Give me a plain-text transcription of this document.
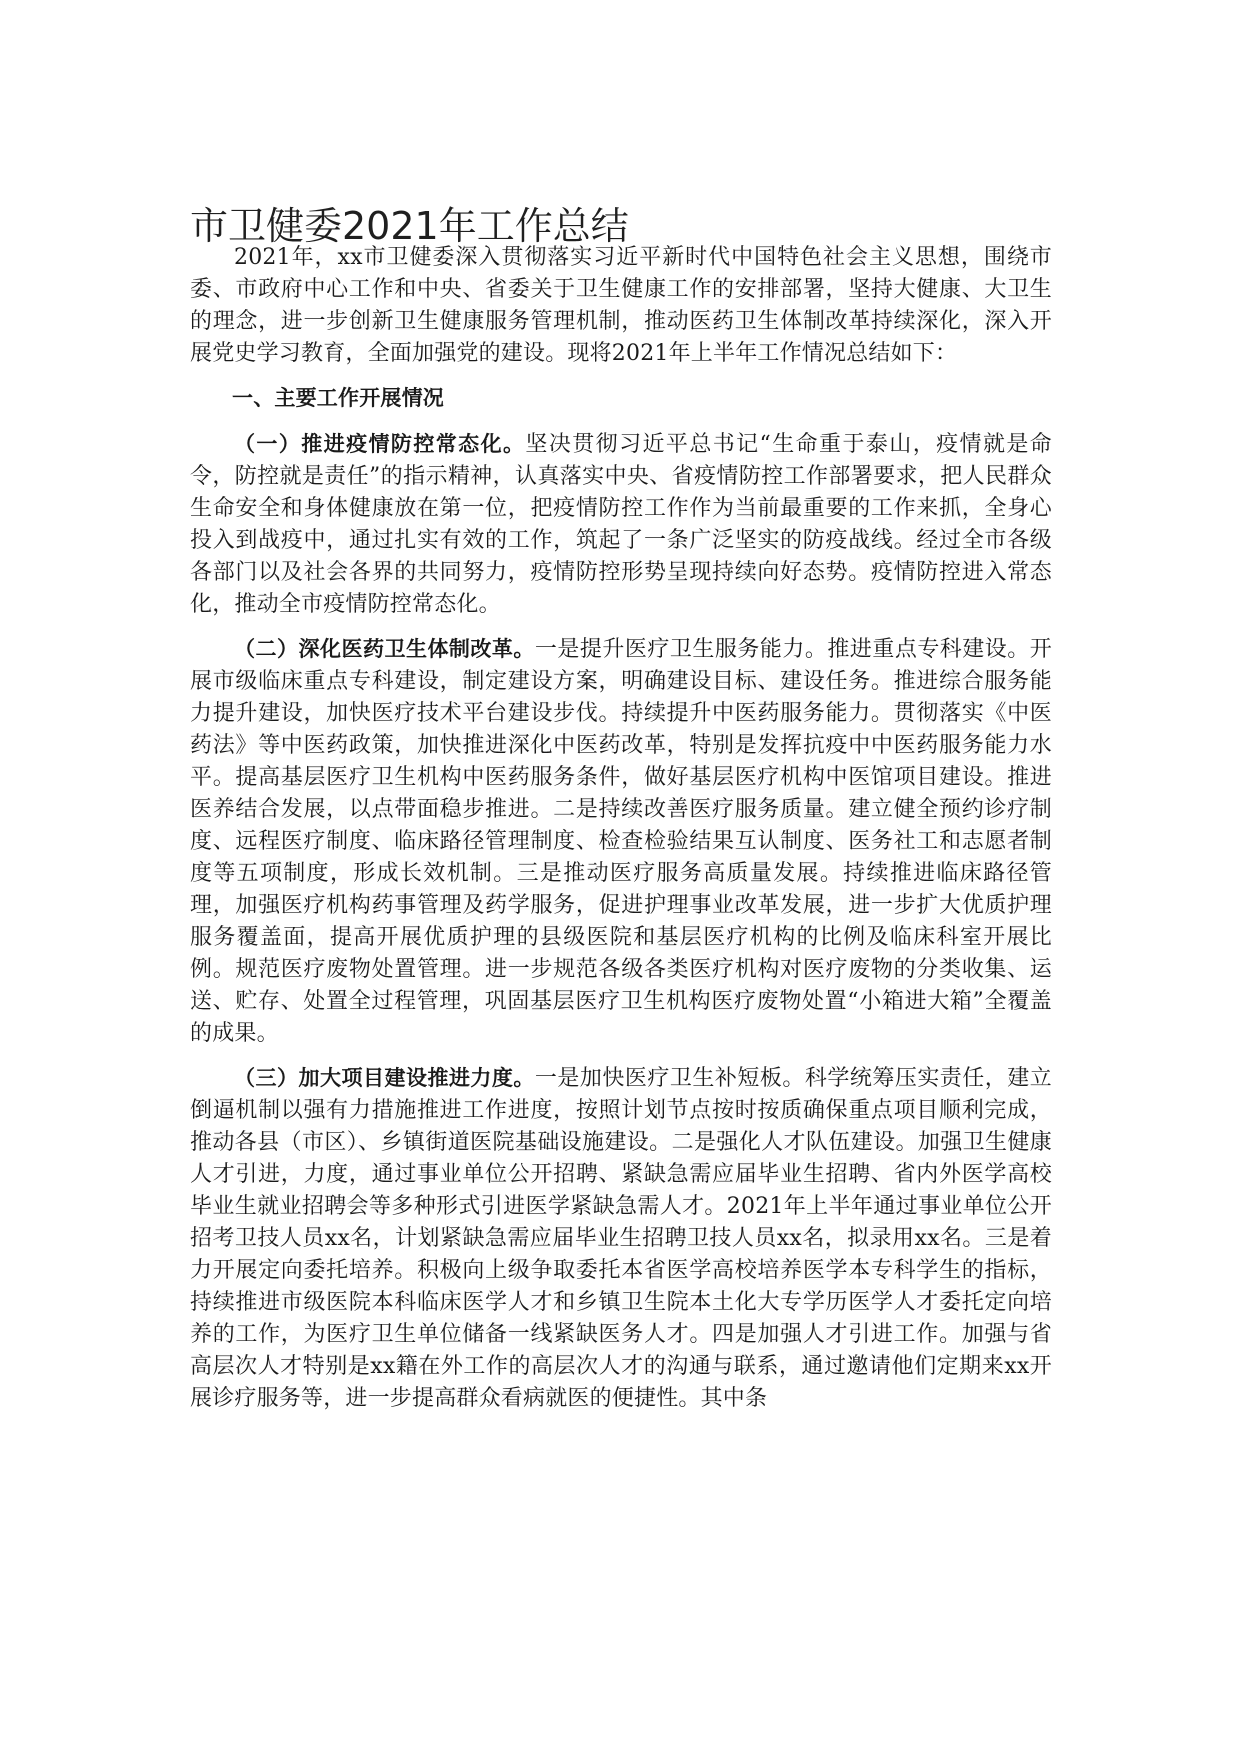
市卫健委2021年工作总结

2021年，xx市卫健委深入贯彻落实习近平新时代中国特色社会主义思想，围绕市委、市政府中心工作和中央、省委关于卫生健康工作的安排部署，坚持大健康、大卫生的理念，进一步创新卫生健康服务管理机制，推动医药卫生体制改革持续深化，深入开展党史学习教育，全面加强党的建设。现将2021年上半年工作情况总结如下：

一、主要工作开展情况

（一）推进疫情防控常态化。坚决贯彻习近平总书记“生命重于泰山，疫情就是命令，防控就是责任”的指示精神，认真落实中央、省疫情防控工作部署要求，把人民群众生命安全和身体健康放在第一位，把疫情防控工作作为当前最重要的工作来抓，全身心投入到战疫中，通过扎实有效的工作，筑起了一条广泛坚实的防疫战线。经过全市各级各部门以及社会各界的共同努力，疫情防控形势呈现持续向好态势。疫情防控进入常态化，推动全市疫情防控常态化。

（二）深化医药卫生体制改革。一是提升医疗卫生服务能力。推进重点专科建设。开展市级临床重点专科建设，制定建设方案，明确建设目标、建设任务。推进综合服务能力提升建设，加快医疗技术平台建设步伐。持续提升中医药服务能力。贯彻落实《中医药法》等中医药政策，加快推进深化中医药改革，特别是发挥抗疫中中医药服务能力水平。提高基层医疗卫生机构中医药服务条件，做好基层医疗机构中医馆项目建设。推进医养结合发展，以点带面稳步推进。二是持续改善医疗服务质量。建立健全预约诊疗制度、远程医疗制度、临床路径管理制度、检查检验结果互认制度、医务社工和志愿者制度等五项制度，形成长效机制。三是推动医疗服务高质量发展。持续推进临床路径管理，加强医疗机构药事管理及药学服务，促进护理事业改革发展，进一步扩大优质护理服务覆盖面，提高开展优质护理的县级医院和基层医疗机构的比例及临床科室开展比例。规范医疗废物处置管理。进一步规范各级各类医疗机构对医疗废物的分类收集、运送、贮存、处置全过程管理，巩固基层医疗卫生机构医疗废物处置“小箱进大箱”全覆盖的成果。

（三）加大项目建设推进力度。一是加快医疗卫生补短板。科学统筹压实责任，建立倒逼机制以强有力措施推进工作进度，按照计划节点按时按质确保重点项目顺利完成，推动各县（市区）、乡镇街道医院基础设施建设。二是强化人才队伍建设。加强卫生健康人才引进，力度，通过事业单位公开招聘、紧缺急需应届毕业生招聘、省内外医学高校毕业生就业招聘会等多种形式引进医学紧缺急需人才。2021年上半年通过事业单位公开招考卫技人员xx名，计划紧缺急需应届毕业生招聘卫技人员xx名，拟录用xx名。三是着力开展定向委托培养。积极向上级争取委托本省医学高校培养医学本专科学生的指标，持续推进市级医院本科临床医学人才和乡镇卫生院本土化大专学历医学人才委托定向培养的工作，为医疗卫生单位储备一线紧缺医务人才。四是加强人才引进工作。加强与省高层次人才特别是xx籍在外工作的高层次人才的沟通与联系，通过邀请他们定期来xx开展诊疗服务等，进一步提高群众看病就医的便捷性。其中条
